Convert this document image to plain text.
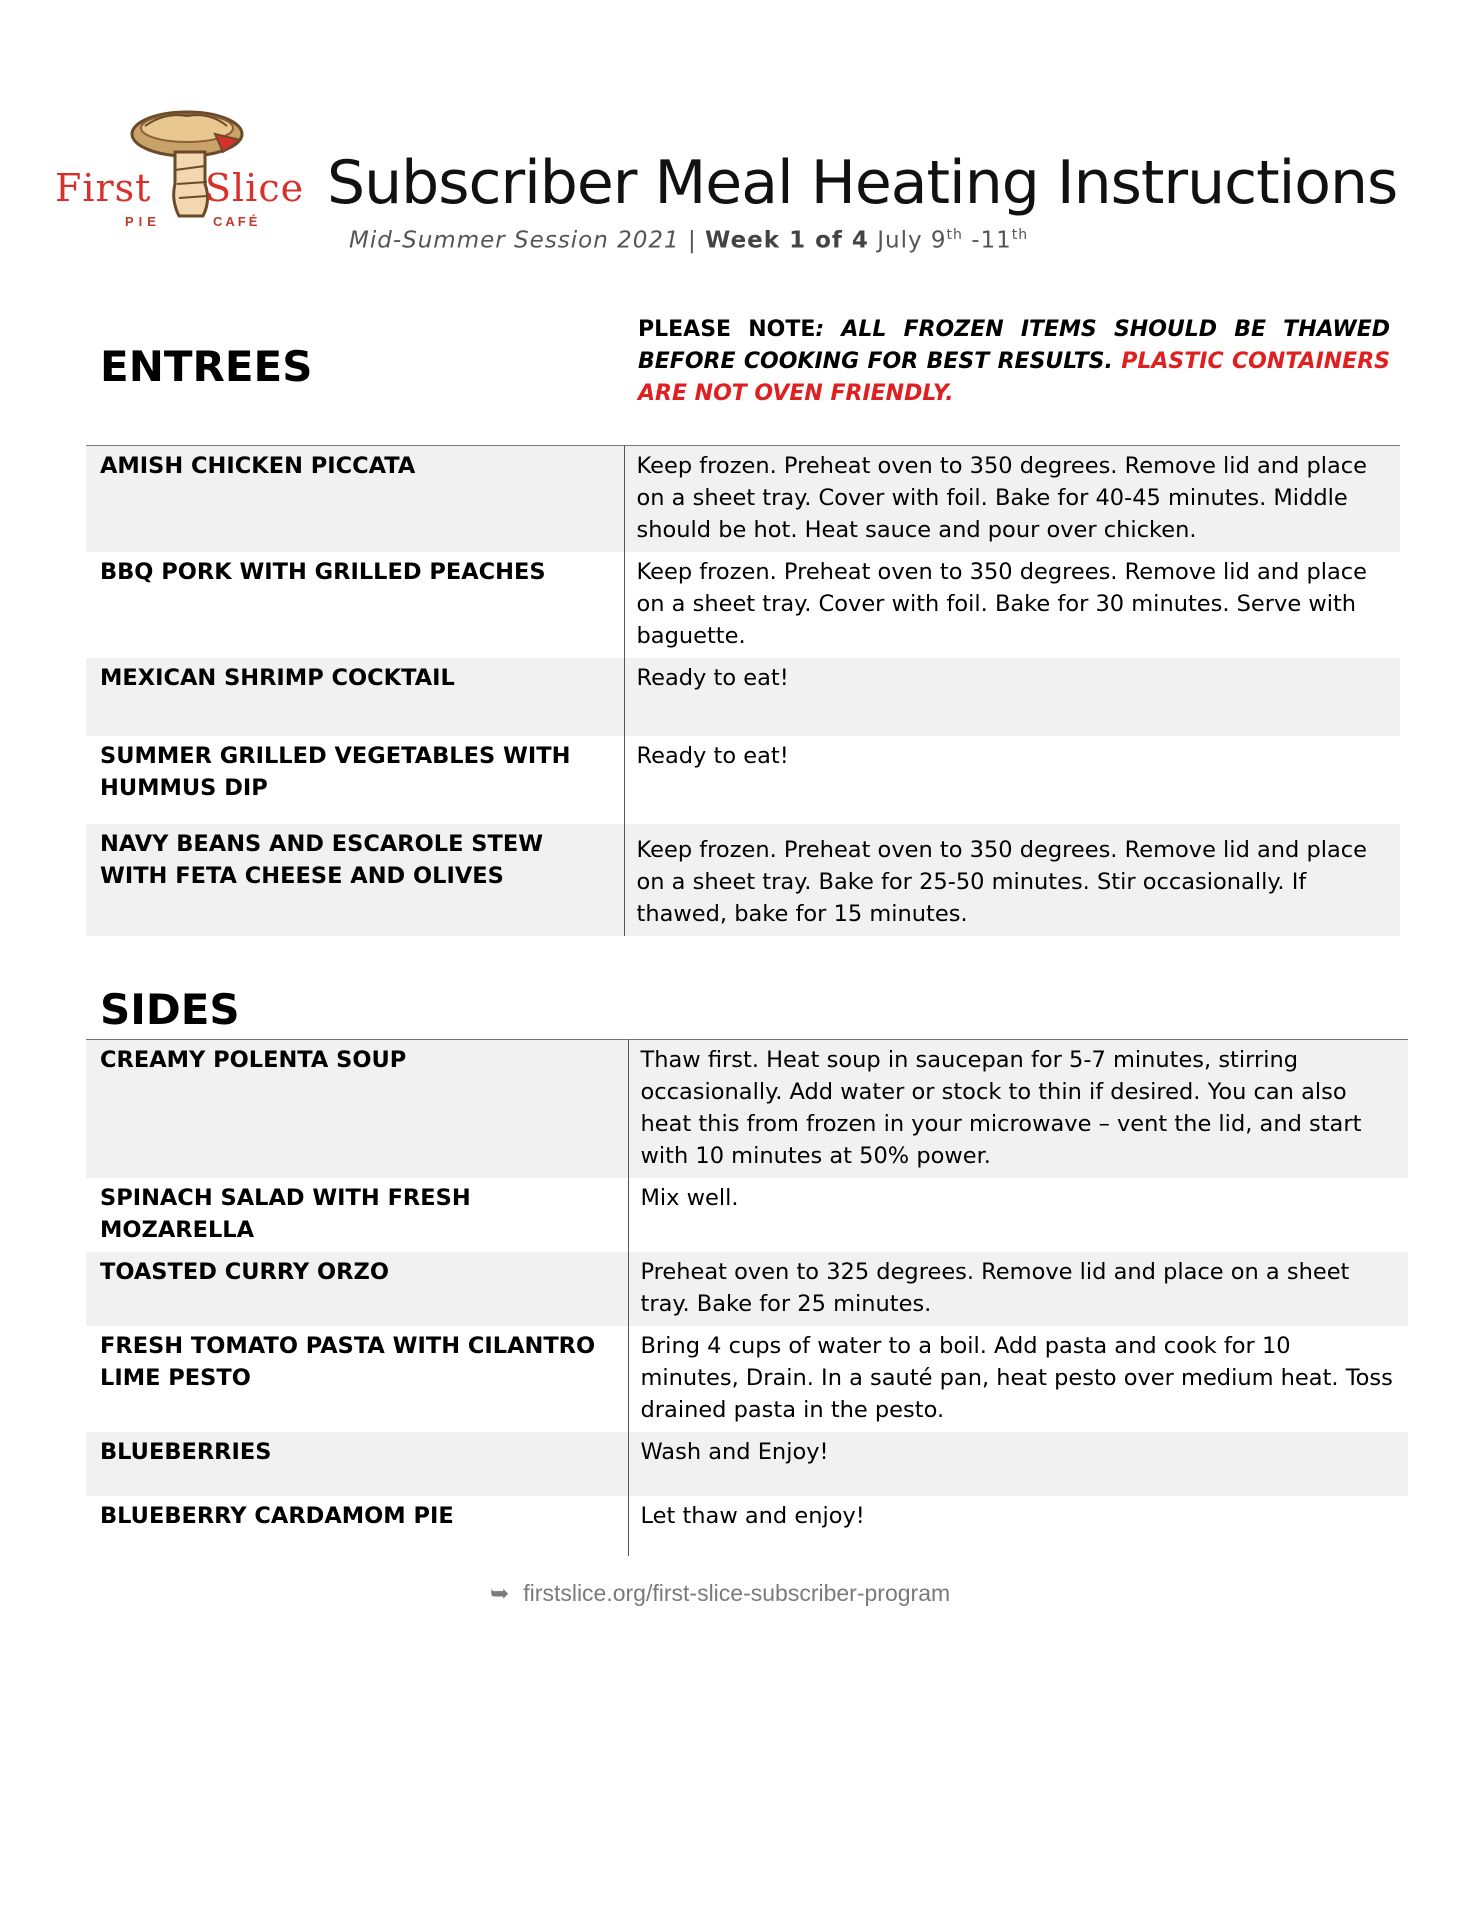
First Slice
PIE	CAFÉ
Subscriber Meal Heating Instructions
Mid-Summer Session 2021 | Week 1 of 4 July 9th -11th
ENTREES
PLEASE NOTE: ALL FROZEN ITEMS SHOULD BE THAWED BEFORE COOKING FOR BEST RESULTS. PLASTIC CONTAINERS ARE NOT OVEN FRIENDLY.
AMISH CHICKEN PICCATA	Keep frozen. Preheat oven to 350 degrees. Remove lid and place on a sheet tray. Cover with foil. Bake for 40-45 minutes. Middle should be hot. Heat sauce and pour over chicken.
BBQ PORK WITH GRILLED PEACHES	Keep frozen. Preheat oven to 350 degrees. Remove lid and place on a sheet tray. Cover with foil. Bake for 30 minutes. Serve with baguette.
MEXICAN SHRIMP COCKTAIL	Ready to eat!
SUMMER GRILLED VEGETABLES WITH HUMMUS DIP	Ready to eat!
NAVY BEANS AND ESCAROLE STEW WITH FETA CHEESE AND OLIVES	Keep frozen. Preheat oven to 350 degrees. Remove lid and place on a sheet tray. Bake for 25-50 minutes. Stir occasionally. If thawed, bake for 15 minutes.
SIDES
CREAMY POLENTA SOUP	Thaw first. Heat soup in saucepan for 5-7 minutes, stirring occasionally. Add water or stock to thin if desired. You can also heat this from frozen in your microwave – vent the lid, and start with 10 minutes at 50% power.
SPINACH SALAD WITH FRESH MOZARELLA	Mix well.
TOASTED CURRY ORZO	Preheat oven to 325 degrees. Remove lid and place on a sheet tray. Bake for 25 minutes.
FRESH TOMATO PASTA WITH CILANTRO LIME PESTO	Bring 4 cups of water to a boil. Add pasta and cook for 10 minutes, Drain. In a sauté pan, heat pesto over medium heat. Toss drained pasta in the pesto.
BLUEBERRIES	Wash and Enjoy!
BLUEBERRY CARDAMOM PIE	Let thaw and enjoy!
➥ firstslice.org/first-slice-subscriber-program
